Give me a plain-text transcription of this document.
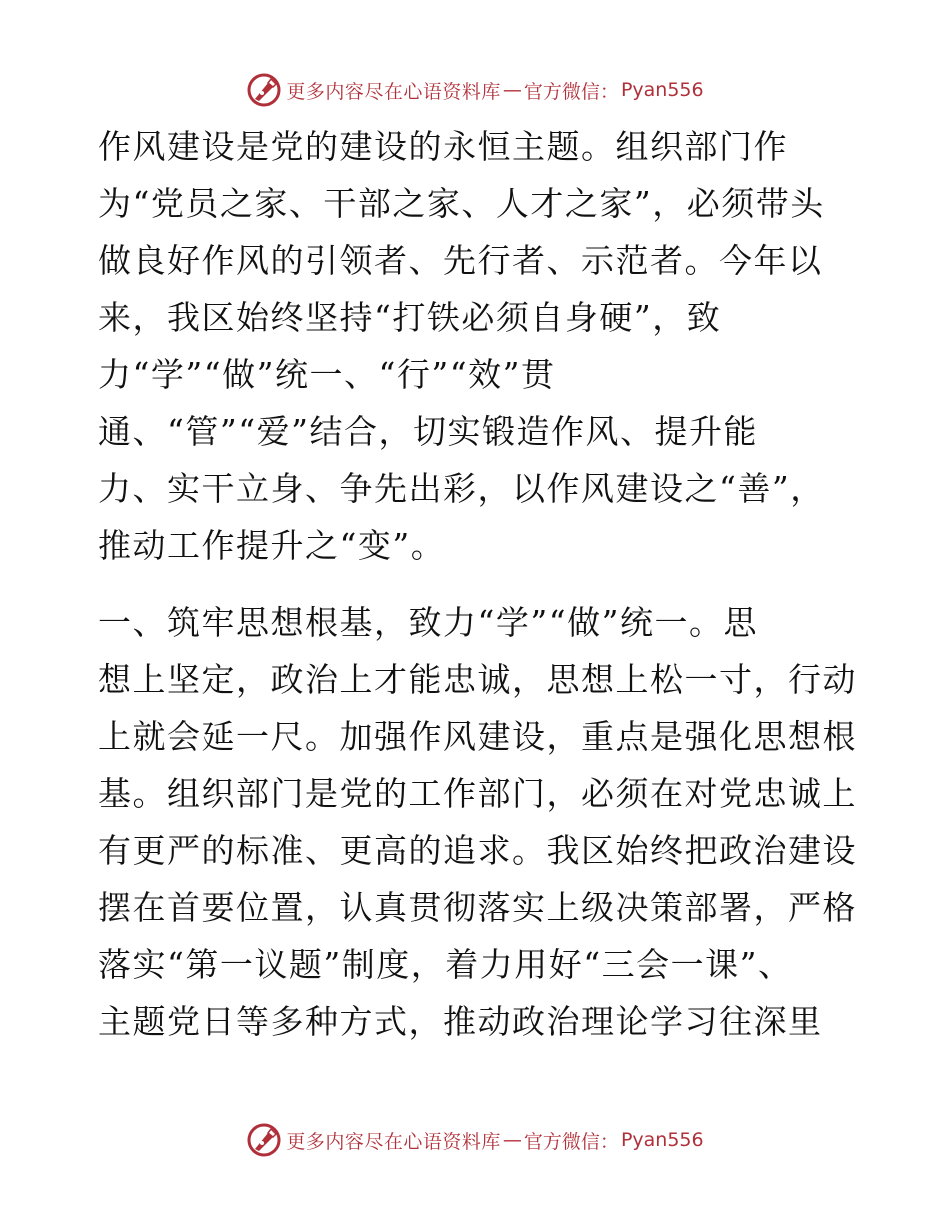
更多内容尽在心语资料库 — 官方微信： Pyan556
作风建设是党的建设的永恒主题。组织部门作
为“党员之家、干部之家、人才之家”，必须带头
做良好作风的引领者、先行者、示范者。今年以
来，我区始终坚持“打铁必须自身硬”，致
力“学”“做”统一、“行”“效”贯
通、“管”“爱”结合，切实锻造作风、提升能
力、实干立身、争先出彩，以作风建设之“善”，
推动工作提升之“变”。
一、筑牢思想根基，致力“学”“做”统一。思
想上坚定，政治上才能忠诚，思想上松一寸，行动
上就会延一尺。加强作风建设，重点是强化思想根
基。组织部门是党的工作部门，必须在对党忠诚上
有更严的标准、更高的追求。我区始终把政治建设
摆在首要位置，认真贯彻落实上级决策部署，严格
落实“第一议题”制度，着力用好“三会一课”、
主题党日等多种方式，推动政治理论学习往深里
更多内容尽在心语资料库 — 官方微信： Pyan556
